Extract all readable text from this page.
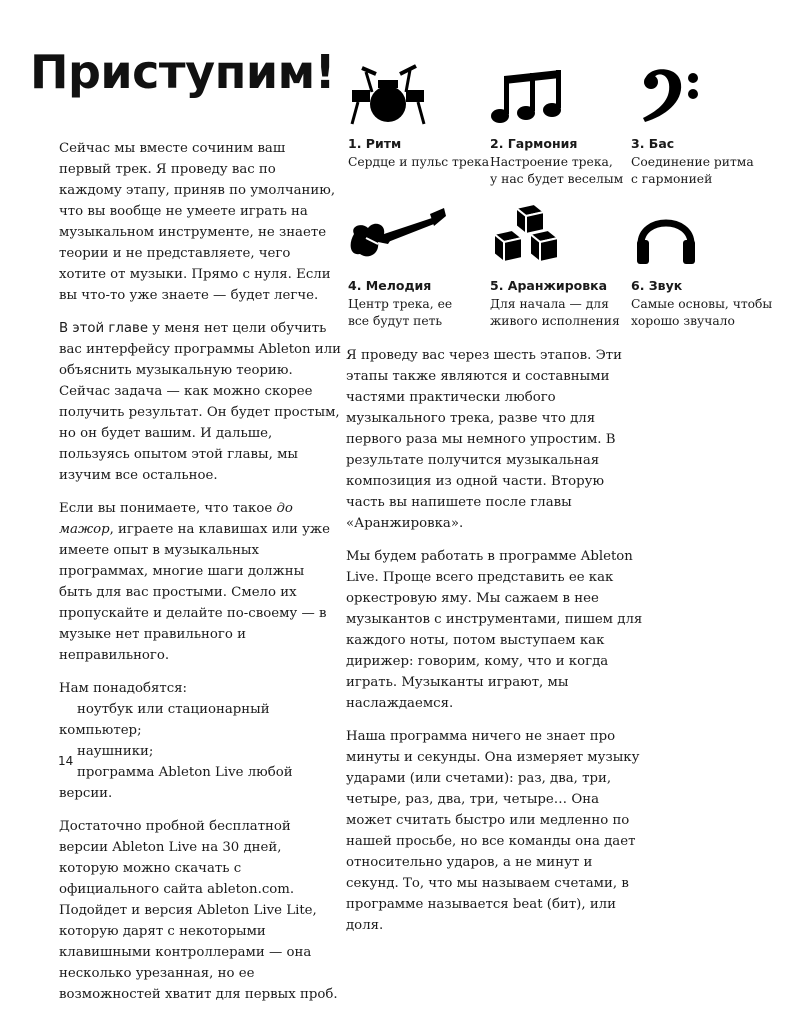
Приступим!

Сейчас мы вместе сочиним ваш первый трек. Я проведу вас по каждому этапу, приняв по умолчанию, что вы вообще не умеете играть на музыкальном инструменте, не знаете теории и не представляете, чего хотите от музыки. Прямо с нуля. Если вы что-то уже знаете — будет легче.

В этой главе у меня нет цели обучить вас интерфейсу программы Ableton или объяснить музыкальную теорию. Сейчас задача — как можно скорее получить результат. Он будет простым, но он будет вашим. И дальше, пользуясь опытом этой главы, мы изучим все остальное.

Если вы понимаете, что такое до мажор, играете на клавишах или уже имеете опыт в музыкальных программах, многие шаги должны быть для вас простыми. Смело их пропускайте и делайте по-своему — в музыке нет правильного и неправильного.

Нам понадобятся:
ноутбук или стационарный компьютер;
наушники;
программа Ableton Live любой версии.

Достаточно пробной бесплатной версии Ableton Live на 30 дней, которую можно скачать с официального сайта ableton.com. Подойдет и версия Ableton Live Lite, которую дарят с некоторыми клавишными контроллерами — она несколько урезанная, но ее возможностей хватит для первых проб.

1. Ритм
Сердце и пульс трека

2. Гармония
Настроение трека,
у нас будет веселым
3. Бас
Соединение ритма
с гармонией
4. Мелодия
Центр трека, ее
все будут петь
5. Аранжировка
Для начала — для
живого исполнения
6. Звук
Самые основы, чтобы
хорошо звучало

Я проведу вас через шесть этапов. Эти этапы также являются и составными частями практически любого музыкального трека, разве что для первого раза мы немного упростим. В результате получится музыкальная композиция из одной части. Вторую часть вы напишете после главы «Аранжировка».

Мы будем работать в программе Ableton Live. Проще всего представить ее как оркестровую яму. Мы сажаем в нее музыкантов с инструментами, пишем для каждого ноты, потом выступаем как дирижер: говорим, кому, что и когда играть. Музыканты играют, мы наслаждаемся.

Наша программа ничего не знает про минуты и секунды. Она измеряет музыку ударами (или счетами): раз, два, три, четыре, раз, два, три, четыре… Она может считать быстро или медленно по нашей просьбе, но все команды она дает относительно ударов, а не минут и секунд. То, что мы называем счетами, в программе называется beat (бит), или доля.

14
